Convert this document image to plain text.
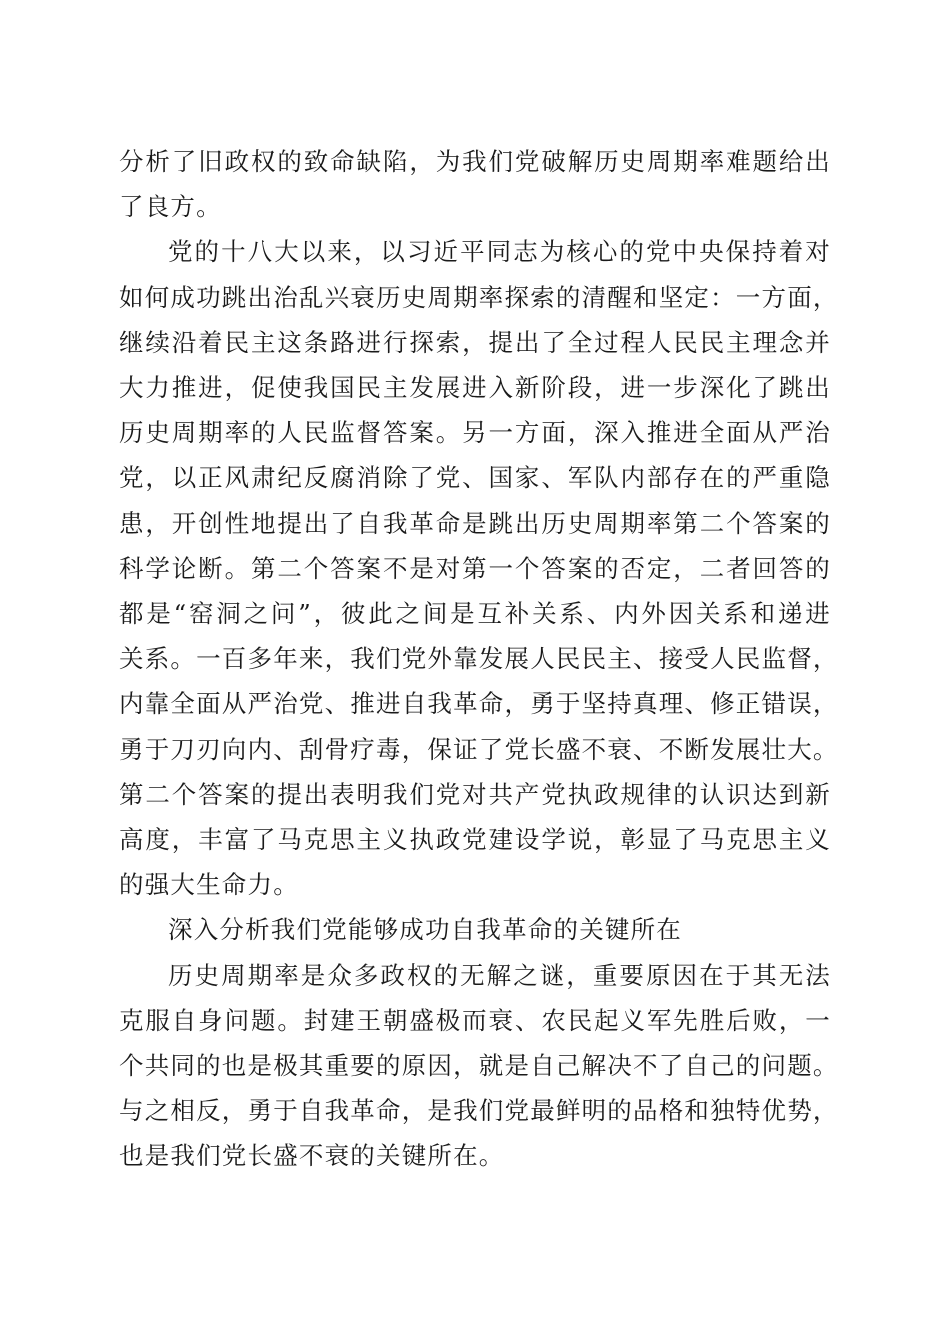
分析了旧政权的致命缺陷，为我们党破解历史周期率难题给出
了良方。
党的十八大以来，以习近平同志为核心的党中央保持着对
如何成功跳出治乱兴衰历史周期率探索的清醒和坚定：一方面，
继续沿着民主这条路进行探索，提出了全过程人民民主理念并
大力推进，促使我国民主发展进入新阶段，进一步深化了跳出
历史周期率的人民监督答案。另一方面，深入推进全面从严治
党，以正风肃纪反腐消除了党、国家、军队内部存在的严重隐
患，开创性地提出了自我革命是跳出历史周期率第二个答案的
科学论断。第二个答案不是对第一个答案的否定，二者回答的
都是“窑洞之问”，彼此之间是互补关系、内外因关系和递进
关系。一百多年来，我们党外靠发展人民民主、接受人民监督，
内靠全面从严治党、推进自我革命，勇于坚持真理、修正错误，
勇于刀刃向内、刮骨疗毒，保证了党长盛不衰、不断发展壮大。
第二个答案的提出表明我们党对共产党执政规律的认识达到新
高度，丰富了马克思主义执政党建设学说，彰显了马克思主义
的强大生命力。
深入分析我们党能够成功自我革命的关键所在
历史周期率是众多政权的无解之谜，重要原因在于其无法
克服自身问题。封建王朝盛极而衰、农民起义军先胜后败，一
个共同的也是极其重要的原因，就是自己解决不了自己的问题。
与之相反，勇于自我革命，是我们党最鲜明的品格和独特优势，
也是我们党长盛不衰的关键所在。
